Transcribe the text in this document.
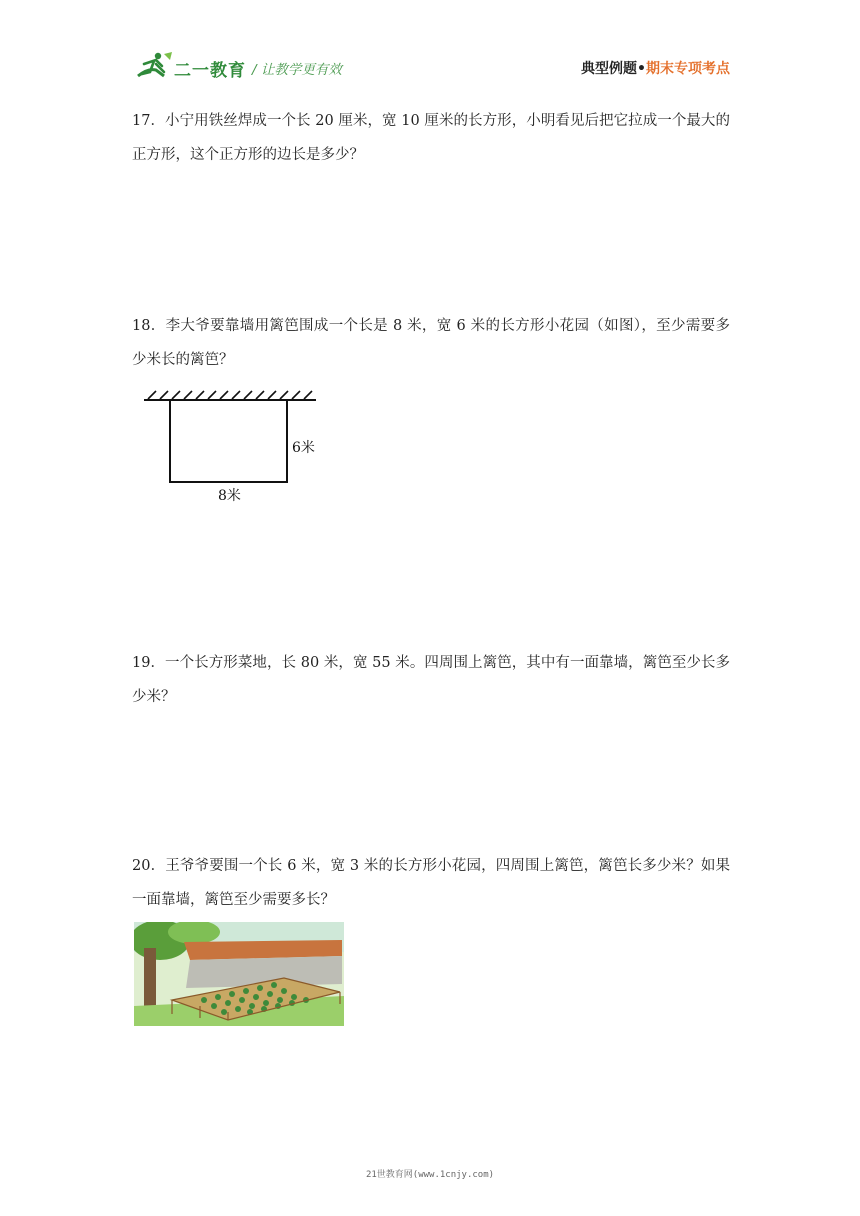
二一教育 / 让教学更有效	典型例题•期末专项考点
17．小宁用铁丝焊成一个长 20 厘米，宽 10 厘米的长方形，小明看见后把它拉成一个最大的正方形，这个正方形的边长是多少？
18．李大爷要靠墙用篱笆围成一个长是 8 米，宽 6 米的长方形小花园（如图），至少需要多少米长的篱笆？
6米
8米
19．一个长方形菜地，长 80 米，宽 55 米。四周围上篱笆，其中有一面靠墙，篱笆至少长多少米？
20．王爷爷要围一个长 6 米，宽 3 米的长方形小花园，四周围上篱笆，篱笆长多少米？如果一面靠墙，篱笆至少需要多长？
21世教育网(www.1cnjy.com)
